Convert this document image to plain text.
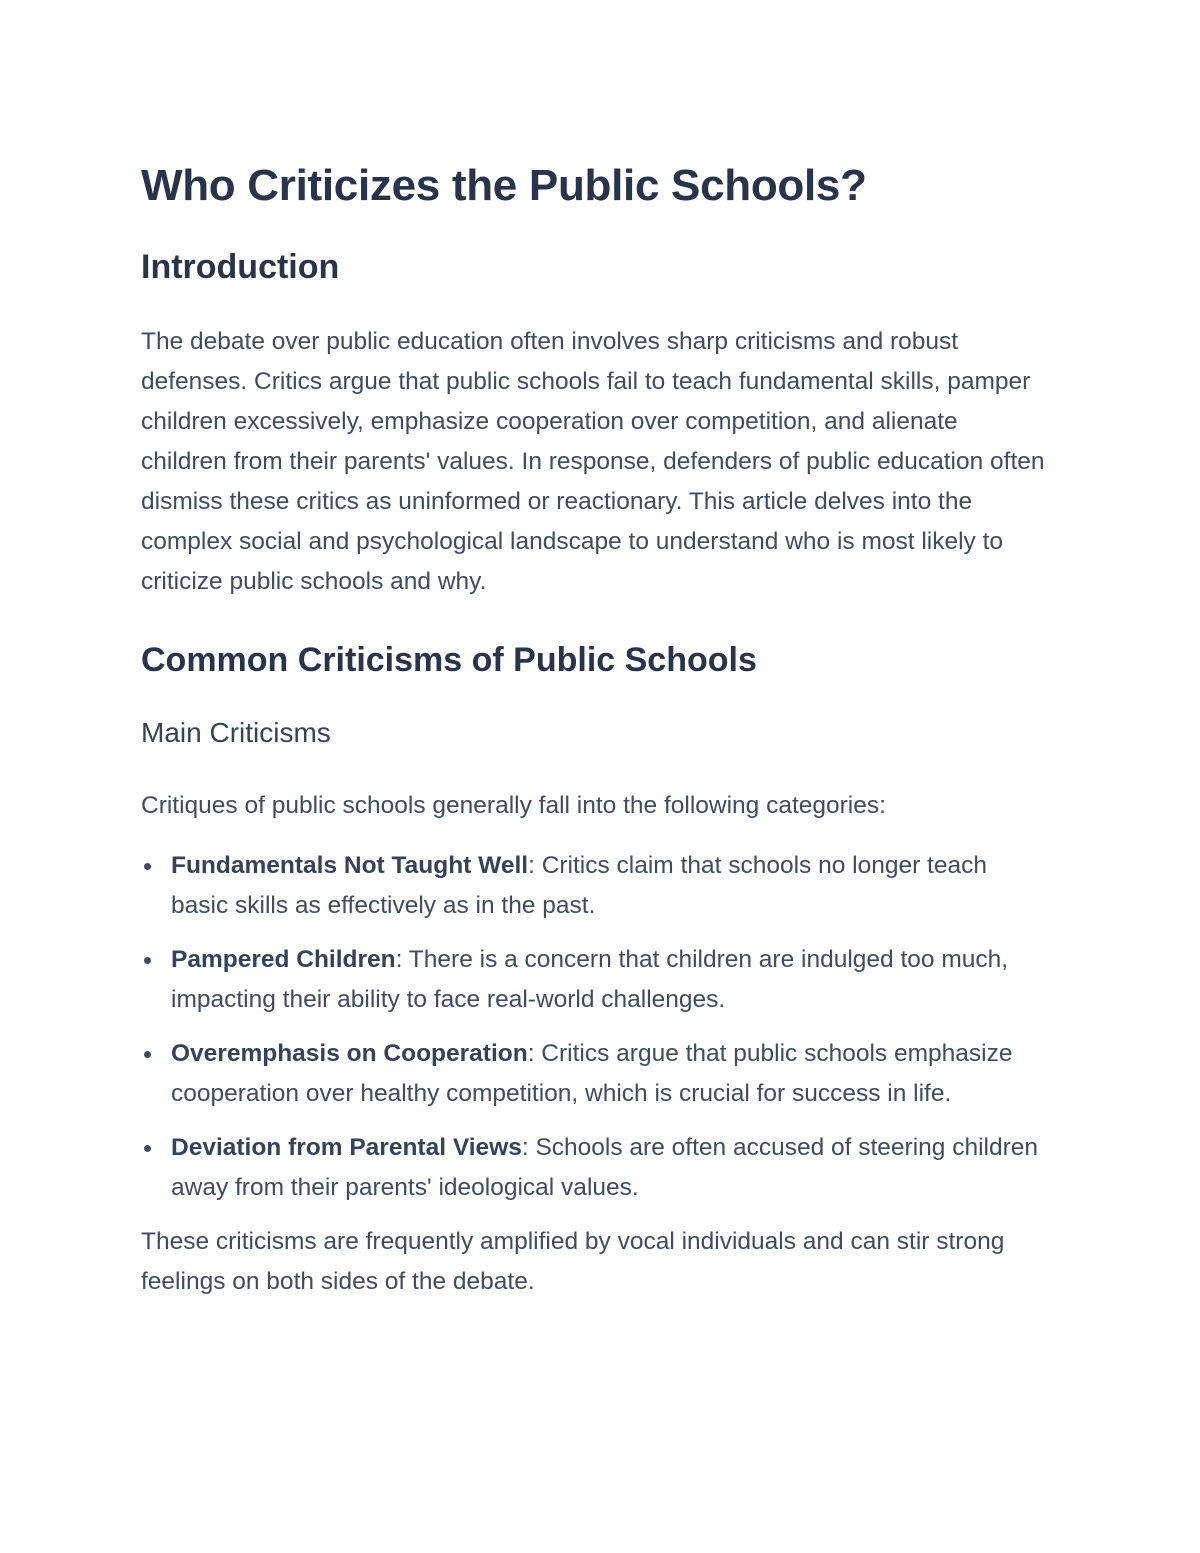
Who Criticizes the Public Schools?
Introduction

The debate over public education often involves sharp criticisms and robust defenses. Critics argue that public schools fail to teach fundamental skills, pamper children excessively, emphasize cooperation over competition, and alienate children from their parents' values. In response, defenders of public education often dismiss these critics as uninformed or reactionary. This article delves into the complex social and psychological landscape to understand who is most likely to criticize public schools and why.

Common Criticisms of Public Schools
Main Criticisms

Critiques of public schools generally fall into the following categories:

Fundamentals Not Taught Well: Critics claim that schools no longer teach basic skills as effectively as in the past.
Pampered Children: There is a concern that children are indulged too much, impacting their ability to face real-world challenges.
Overemphasis on Cooperation: Critics argue that public schools emphasize cooperation over healthy competition, which is crucial for success in life.
Deviation from Parental Views: Schools are often accused of steering children away from their parents' ideological values.

These criticisms are frequently amplified by vocal individuals and can stir strong feelings on both sides of the debate.
